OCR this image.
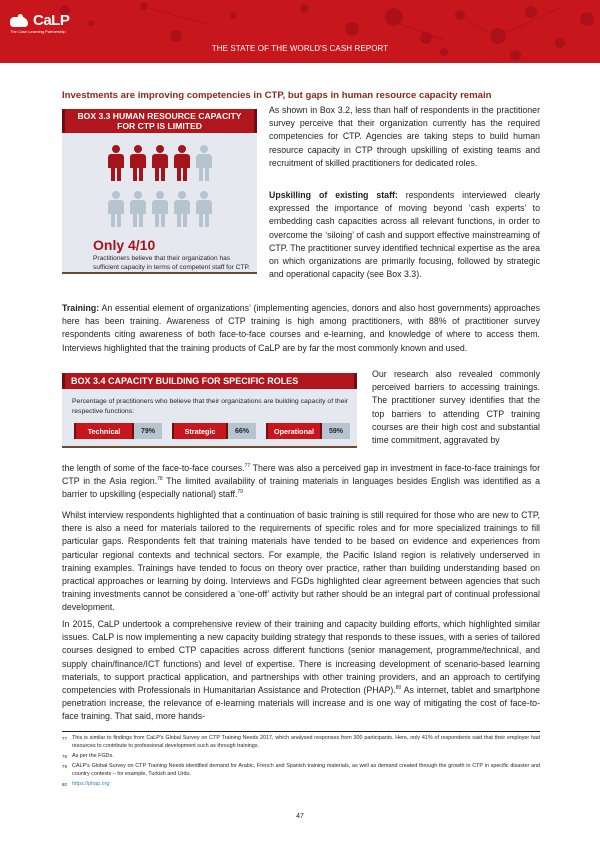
CaLP
The Cash Learning Partnership
THE STATE OF THE WORLD'S CASH REPORT
Investments are improving competencies in CTP, but gaps in human resource capacity remain
BOX 3.3 HUMAN RESOURCE CAPACITY
FOR CTP IS LIMITED
Only 4/10
Practitioners believe that their organization has sufficient capacity in terms of competent staff for CTP.
As shown in Box 3.2, less than half of respondents in the practitioner survey perceive that their organization currently has the required competencies for CTP. Agencies are taking steps to build human resource capacity in CTP through upskilling of existing teams and recruitment of skilled practitioners for dedicated roles.
Upskilling of existing staff: respondents interviewed clearly expressed the importance of moving beyond ‘cash experts’ to embedding cash capacities across all relevant functions, in order to overcome the ‘siloing’ of cash and support effective mainstreaming of CTP. The practitioner survey identified technical expertise as the area on which organizations are primarily focusing, followed by strategic and operational capacity (see Box 3.3).
Training: An essential element of organizations’ (implementing agencies, donors and also host governments) approaches here has been training. Awareness of CTP training is high among practitioners, with 88% of practitioner survey respondents citing awareness of both face-to-face courses and e-learning, and knowledge of where to access them. Interviews highlighted that the training products of CaLP are by far the most commonly known and used.
BOX 3.4 CAPACITY BUILDING FOR SPECIFIC ROLES
Percentage of practitioners who believe that their organizations are building capacity of their respective functions:
Technical	79%	Strategic	66%	Operational	59%
Our research also revealed commonly perceived barriers to accessing trainings. The practitioner survey identifies that the top barriers to attending CTP training courses are their high cost and substantial time commitment, aggravated by
the length of some of the face-to-face courses.$^{77}$ There was also a perceived gap in investment in face-to-face trainings for CTP in the Asia region.$^{78}$ The limited availability of training materials in languages besides English was identified as a barrier to upskilling (especially national) staff.$^{79}$
Whilst interview respondents highlighted that a continuation of basic training is still required for those who are new to CTP, there is also a need for materials tailored to the requirements of specific roles and for more specialized trainings to fill particular gaps. Respondents felt that training materials have tended to be based on evidence and experiences from particular regional contexts and technical sectors. For example, the Pacific Island region is relatively underserved in training examples. Trainings have tended to focus on theory over practice, rather than building understanding based on practical approaches or learning by doing. Interviews and FGDs highlighted clear agreement between agencies that such training investments cannot be considered a ‘one-off’ activity but rather should be an integral part of continual professional development.
In 2015, CaLP undertook a comprehensive review of their training and capacity building efforts, which highlighted similar issues. CaLP is now implementing a new capacity building strategy that responds to these issues, with a series of tailored courses designed to embed CTP capacities across different functions (senior management, programme/technical, and supply chain/finance/ICT functions) and level of expertise. There is increasing development of scenario-based learning materials, to support practical application, and partnerships with other training providers, and an approach to certifying competencies with Professionals in Humanitarian Assistance and Protection (PHAP).$^{80}$ As internet, tablet and smartphone penetration increase, the relevance of e-learning materials will increase and is one way of mitigating the cost of face-to-face training. That said, more hands-
77 This is similar to findings from CaLP’s Global Survey on CTP Training Needs 2017, which analysed responses from 300 participants. Here, only 41% of respondents said that their employer had resources to contribute to professional development such as through trainings.
78 As per the FGDs.
79 CALP’s Global Survey on CTP Training Needs identified demand for Arabic, French and Spanish training materials, as well as demand created through the growth in CTP in specific disaster and country contexts – for example, Turkish and Urdu.
80 https://phap.org
47
